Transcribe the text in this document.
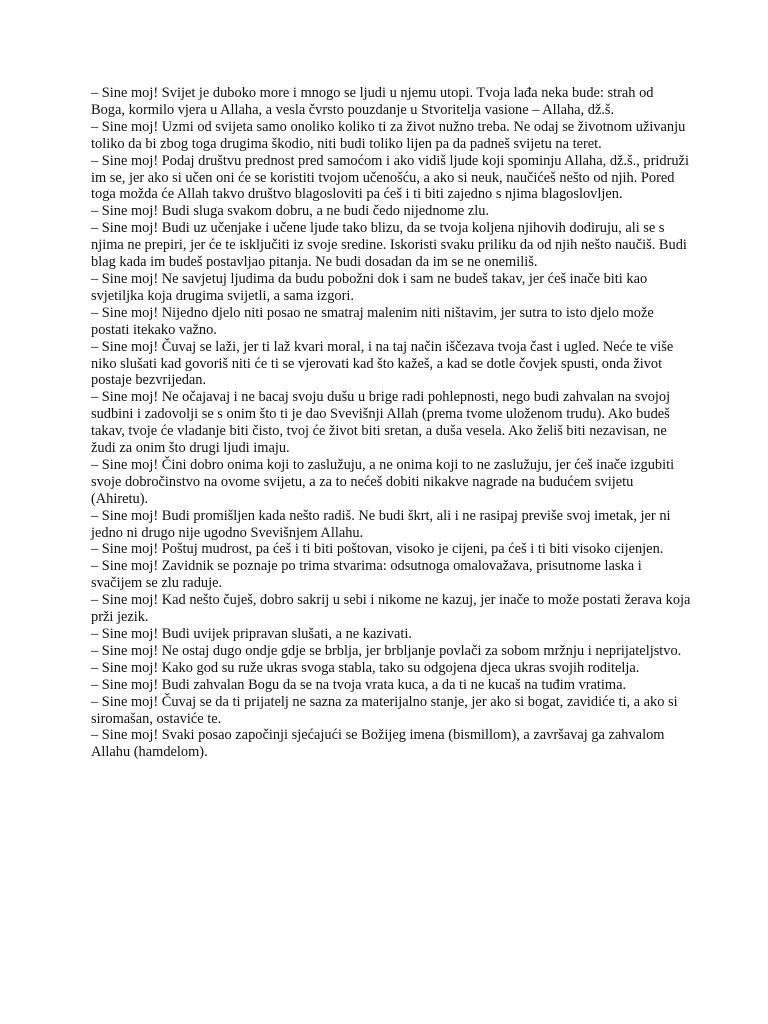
– Sine moj! Svijet je duboko more i mnogo se ljudi u njemu utopi. Tvoja lađa neka bude: strah od Boga, kormilo vjera u Allaha, a vesla čvrsto pouzdanje u Stvoritelja vasione – Allaha, dž.š.

– Sine moj! Uzmi od svijeta samo onoliko koliko ti za život nužno treba. Ne odaj se životnom uživanju toliko da bi zbog toga drugima škodio, niti budi toliko lijen pa da padneš svijetu na teret.

– Sine moj! Podaj društvu prednost pred samoćom i ako vidiš ljude koji spominju Allaha, dž.š., pridruži im se, jer ako si učen oni će se koristiti tvojom učenošću, a ako si neuk, naučićeš nešto od njih. Pored toga možda će Allah takvo društvo blagosloviti pa ćeš i ti biti zajedno s njima blagoslovljen.

– Sine moj! Budi sluga svakom dobru, a ne budi čedo nijednome zlu.

– Sine moj! Budi uz učenjake i učene ljude tako blizu, da se tvoja koljena njihovih dodiruju, ali se s njima ne prepiri, jer će te isključiti iz svoje sredine. Iskoristi svaku priliku da od njih nešto naučiš. Budi blag kada im budeš postavljao pitanja. Ne budi dosadan da im se ne onemiliš.

– Sine moj! Ne savjetuj ljudima da budu pobožni dok i sam ne budeš takav, jer ćeš inače biti kao svjetiljka koja drugima svijetli, a sama izgori.

– Sine moj! Nijedno djelo niti posao ne smatraj malenim niti ništavim, jer sutra to isto djelo može postati itekako važno.

– Sine moj! Čuvaj se laži, jer ti laž kvari moral, i na taj način iščezava tvoja čast i ugled. Neće te više niko slušati kad govoriš niti će ti se vjerovati kad što kažeš, a kad se dotle čovjek spusti, onda život postaje bezvrijedan.

– Sine moj! Ne očajavaj i ne bacaj svoju dušu u brige radi pohlepnosti, nego budi zahvalan na svojoj sudbini i zadovolji se s onim što ti je dao Svevišnji Allah (prema tvome uloženom trudu). Ako budeš takav, tvoje će vladanje biti čisto, tvoj će život biti sretan, a duša vesela. Ako želiš biti nezavisan, ne žudi za onim što drugi ljudi imaju.

– Sine moj! Čini dobro onima koji to zaslužuju, a ne onima koji to ne zaslužuju, jer ćeš inače izgubiti svoje dobročinstvo na ovome svijetu, a za to nećeš dobiti nikakve nagrade na budućem svijetu (Ahiretu).

– Sine moj! Budi promišljen kada nešto radiš. Ne budi škrt, ali i ne rasipaj previše svoj imetak, jer ni jedno ni drugo nije ugodno Svevišnjem Allahu.

– Sine moj! Poštuj mudrost, pa ćeš i ti biti poštovan, visoko je cijeni, pa ćeš i ti biti visoko cijenjen.

– Sine moj! Zavidnik se poznaje po trima stvarima: odsutnoga omalovažava, prisutnome laska i svačijem se zlu raduje.

– Sine moj! Kad nešto čuješ, dobro sakrij u sebi i nikome ne kazuj, jer inače to može postati žerava koja prži jezik.

– Sine moj! Budi uvijek pripravan slušati, a ne kazivati.

– Sine moj! Ne ostaj dugo ondje gdje se brblja, jer brbljanje povlači za sobom mržnju i neprijateljstvo.

– Sine moj! Kako god su ruže ukras svoga stabla, tako su odgojena djeca ukras svojih roditelja.

– Sine moj! Budi zahvalan Bogu da se na tvoja vrata kuca, a da ti ne kucaš na tuđim vratima.

– Sine moj! Čuvaj se da ti prijatelj ne sazna za materijalno stanje, jer ako si bogat, zavidiće ti, a ako si siromašan, ostaviće te.

– Sine moj! Svaki posao započinji sjećajući se Božijeg imena (bismillom), a završavaj ga zahvalom Allahu (hamdelom).
